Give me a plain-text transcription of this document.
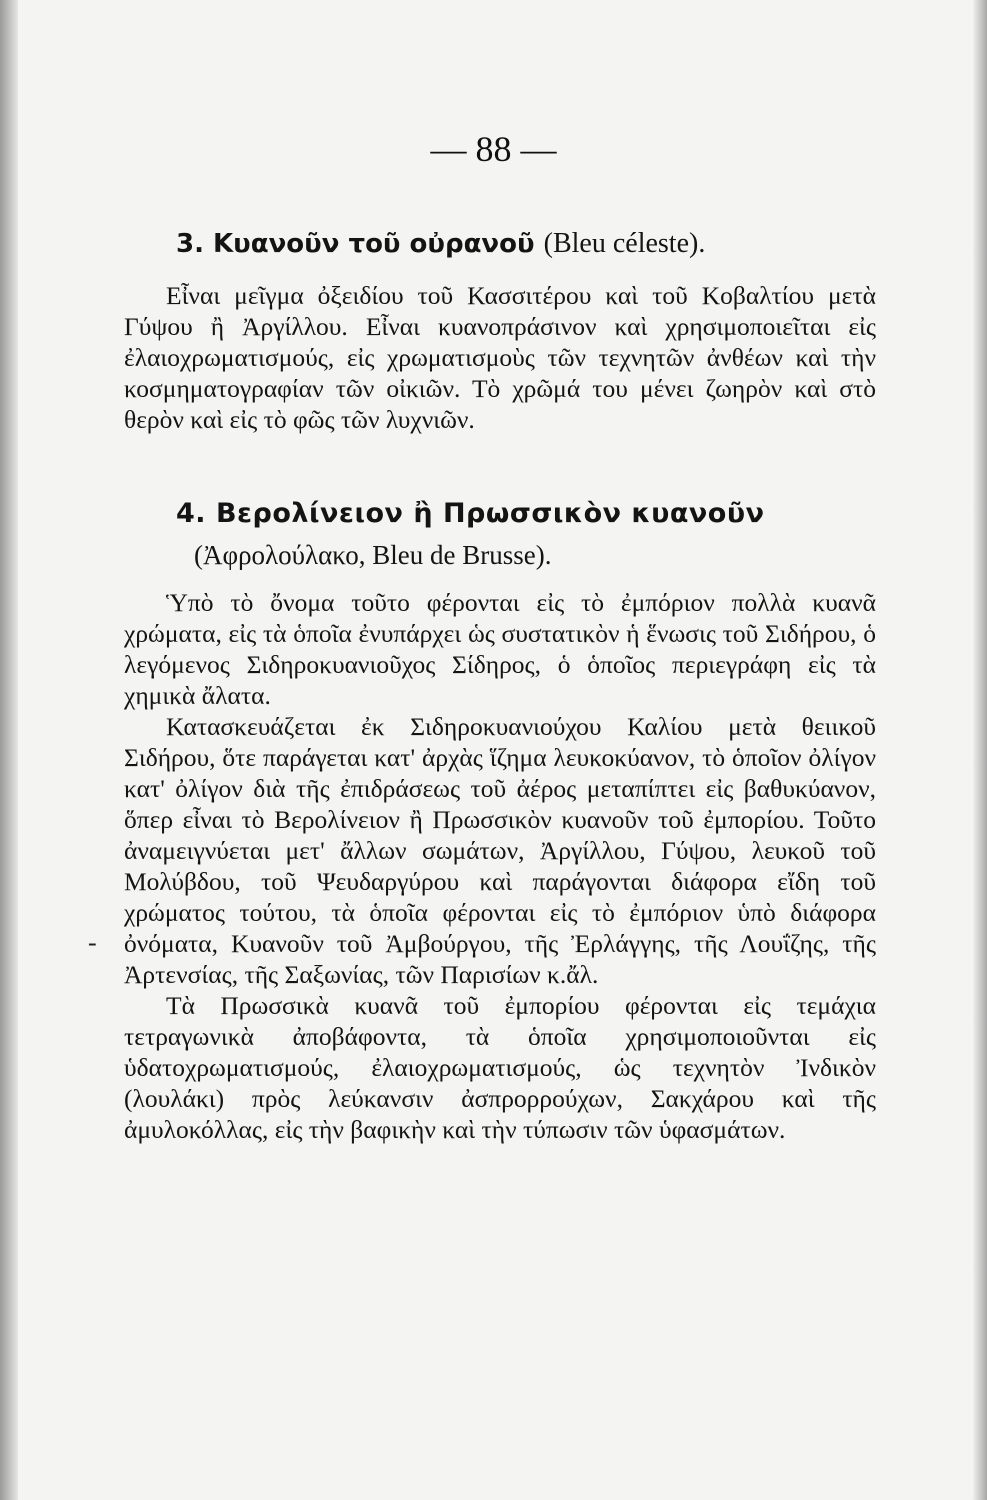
— 88 —
-
3. Κυανοῦν τοῦ οὐρανοῦ (Bleu céleste).

Εἶναι μεῖγμα ὀξειδίου τοῦ Κασσιτέρου καὶ τοῦ Κοβαλτίου μετὰ Γύψου ἢ Ἀργίλλου. Εἶναι κυανοπράσινον καὶ χρησιμοποιεῖται εἰς ἐλαιοχρωματισμούς, εἰς χρωματισμοὺς τῶν τεχνητῶν ἀνθέων καὶ τὴν κοσμηματογραφίαν τῶν οἰκιῶν. Τὸ χρῶμά του μένει ζωηρὸν καὶ στὸ θερὸν καὶ εἰς τὸ φῶς τῶν λυχνιῶν.

4. Βερολίνειον ἢ Πρωσσικὸν κυανοῦν
(Ἀφρολούλακο, Bleu de Brusse).

Ὑπὸ τὸ ὄνομα τοῦτο φέρονται εἰς τὸ ἐμπόριον πολλὰ κυανᾶ χρώματα, εἰς τὰ ὁποῖα ἐνυπάρχει ὡς συστατικὸν ἡ ἕνωσις τοῦ Σιδήρου, ὁ λεγόμενος Σιδηροκυανιοῦχος Σίδηρος, ὁ ὁποῖος περιεγράφη εἰς τὰ χημικὰ ἄλατα.

Κατασκευάζεται ἐκ Σιδηροκυανιούχου Καλίου μετὰ θειικοῦ Σιδήρου, ὅτε παράγεται κατ' ἀρχὰς ἵζημα λευκοκύανον, τὸ ὁποῖον ὀλίγον κατ' ὀλίγον διὰ τῆς ἐπιδράσεως τοῦ ἀέρος μεταπίπτει εἰς βαθυκύανον, ὅπερ εἶναι τὸ Βερολίνειον ἢ Πρωσσικὸν κυανοῦν τοῦ ἐμπορίου. Τοῦτο ἀναμειγνύεται μετ' ἄλλων σωμάτων, Ἀργίλλου, Γύψου, λευκοῦ τοῦ Μολύβδου, τοῦ Ψευδαργύρου καὶ παράγονται διάφορα εἴδη τοῦ χρώματος τούτου, τὰ ὁποῖα φέρονται εἰς τὸ ἐμπόριον ὑπὸ διάφορα ὀνόματα, Κυανοῦν τοῦ Ἀμβούργου, τῆς Ἐρλάγγης, τῆς Λουΐζης, τῆς Ἀρτενσίας, τῆς Σαξωνίας, τῶν Παρισίων κ.ἄλ.

Τὰ Πρωσσικὰ κυανᾶ τοῦ ἐμπορίου φέρονται εἰς τεμάχια τετραγωνικὰ ἀποβάφοντα, τὰ ὁποῖα χρησιμοποιοῦνται εἰς ὑδατοχρωματισμούς, ἐλαιοχρωματισμούς, ὡς τεχνητὸν Ἰνδικὸν (λουλάκι) πρὸς λεύκανσιν ἀσπρορρούχων, Σακχάρου καὶ τῆς ἀμυλοκόλλας, εἰς τὴν βαφικὴν καὶ τὴν τύπωσιν τῶν ὑφασμάτων.
